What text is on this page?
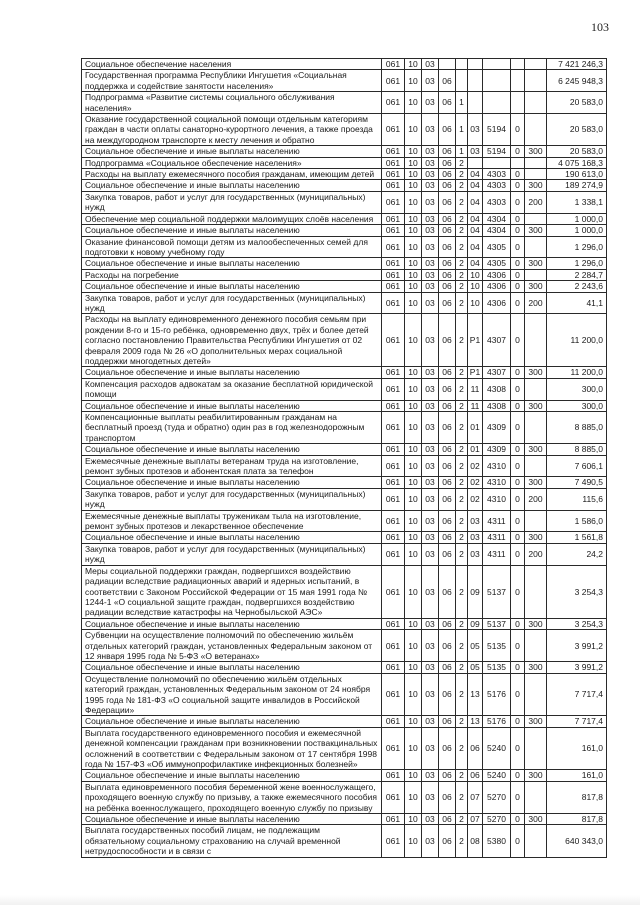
103
Социальное обеспечение населения	061	10	03							7 421 246,3
Государственная программа Республики Ингушетия «Социальная поддержка и содействие занятости населения»	061	10	03	06						6 245 948,3
Подпрограмма «Развитие системы социального обслуживания населения»	061	10	03	06	1					20 583,0
Оказание государственной социальной помощи отдельным категориям граждан в части оплаты санаторно-курортного лечения, а также проезда на междугородном транспорте к месту лечения и обратно	061	10	03	06	1	03	5194	0		20 583,0
Социальное обеспечение и иные выплаты населению	061	10	03	06	1	03	5194	0	300	20 583,0
Подпрограмма «Социальное обеспечение населения»	061	10	03	06	2					4 075 168,3
Расходы на выплату ежемесячного пособия гражданам, имеющим детей	061	10	03	06	2	04	4303	0		190 613,0
Социальное обеспечение и иные выплаты населению	061	10	03	06	2	04	4303	0	300	189 274,9
Закупка товаров, работ и услуг для государственных (муниципальных) нужд	061	10	03	06	2	04	4303	0	200	1 338,1
Обеспечение мер социальной поддержки малоимущих слоёв населения	061	10	03	06	2	04	4304	0		1 000,0
Социальное обеспечение и иные выплаты населению	061	10	03	06	2	04	4304	0	300	1 000,0
Оказание финансовой помощи детям из малообеспеченных семей для подготовки к новому учебному году	061	10	03	06	2	04	4305	0		1 296,0
Социальное обеспечение и иные выплаты населению	061	10	03	06	2	04	4305	0	300	1 296,0
Расходы на погребение	061	10	03	06	2	10	4306	0		2 284,7
Социальное обеспечение и иные выплаты населению	061	10	03	06	2	10	4306	0	300	2 243,6
Закупка товаров, работ и услуг для государственных (муниципальных) нужд	061	10	03	06	2	10	4306	0	200	41,1
Расходы на выплату единовременного денежного пособия семьям при рождении 8-го и 15-го ребёнка, одновременно двух, трёх и более детей согласно постановлению Правительства Республики Ингушетия от 02 февраля 2009 года № 26 «О дополнительных мерах социальной поддержки многодетных детей»	061	10	03	06	2	Р1	4307	0		11 200,0
Социальное обеспечение и иные выплаты населению	061	10	03	06	2	Р1	4307	0	300	11 200,0
Компенсация расходов адвокатам за оказание бесплатной юридической помощи	061	10	03	06	2	11	4308	0		300,0
Социальное обеспечение и иные выплаты населению	061	10	03	06	2	11	4308	0	300	300,0
Компенсационные выплаты реабилитированным гражданам на бесплатный проезд (туда и обратно) один раз в год железнодорожным транспортом	061	10	03	06	2	01	4309	0		8 885,0
Социальное обеспечение и иные выплаты населению	061	10	03	06	2	01	4309	0	300	8 885,0
Ежемесячные денежные выплаты ветеранам труда на изготовление, ремонт зубных протезов и абонентская плата за телефон	061	10	03	06	2	02	4310	0		7 606,1
Социальное обеспечение и иные выплаты населению	061	10	03	06	2	02	4310	0	300	7 490,5
Закупка товаров, работ и услуг для государственных (муниципальных) нужд	061	10	03	06	2	02	4310	0	200	115,6
Ежемесячные денежные выплаты труженикам тыла на изготовление, ремонт зубных протезов и лекарственное обеспечение	061	10	03	06	2	03	4311	0		1 586,0
Социальное обеспечение и иные выплаты населению	061	10	03	06	2	03	4311	0	300	1 561,8
Закупка товаров, работ и услуг для государственных (муниципальных) нужд	061	10	03	06	2	03	4311	0	200	24,2
Меры социальной поддержки граждан, подвергшихся воздействию радиации вследствие радиационных аварий и ядерных испытаний, в соответствии с Законом Российской Федерации от 15 мая 1991 года № 1244-1 «О социальной защите граждан, подвергшихся воздействию радиации вследствие катастрофы на Чернобыльской АЭС»	061	10	03	06	2	09	5137	0		3 254,3
Социальное обеспечение и иные выплаты населению	061	10	03	06	2	09	5137	0	300	3 254,3
Субвенции на осуществление полномочий по обеспечению жильём отдельных категорий граждан, установленных Федеральным законом от 12 января 1995 года № 5-ФЗ «О ветеранах»	061	10	03	06	2	05	5135	0		3 991,2
Социальное обеспечение и иные выплаты населению	061	10	03	06	2	05	5135	0	300	3 991,2
Осуществление полномочий по обеспечению жильём отдельных категорий граждан, установленных Федеральным законом от 24 ноября 1995 года № 181-ФЗ «О социальной защите инвалидов в Российской Федерации»	061	10	03	06	2	13	5176	0		7 717,4
Социальное обеспечение и иные выплаты населению	061	10	03	06	2	13	5176	0	300	7 717,4
Выплата государственного единовременного пособия и ежемесячной денежной компенсации гражданам при возникновении поствакцинальных осложнений в соответствии с Федеральным законом от 17 сентября 1998 года № 157-ФЗ «Об иммунопрофилактике инфекционных болезней»	061	10	03	06	2	06	5240	0		161,0
Социальное обеспечение и иные выплаты населению	061	10	03	06	2	06	5240	0	300	161,0
Выплата единовременного пособия беременной жене военнослужащего, проходящего военную службу по призыву, а также ежемесячного пособия на ребёнка военнослужащего, проходящего военную службу по призыву	061	10	03	06	2	07	5270	0		817,8
Социальное обеспечение и иные выплаты населению	061	10	03	06	2	07	5270	0	300	817,8
Выплата государственных пособий лицам, не подлежащим обязательному социальному страхованию на случай временной нетрудоспособности и в связи с	061	10	03	06	2	08	5380	0		640 343,0
